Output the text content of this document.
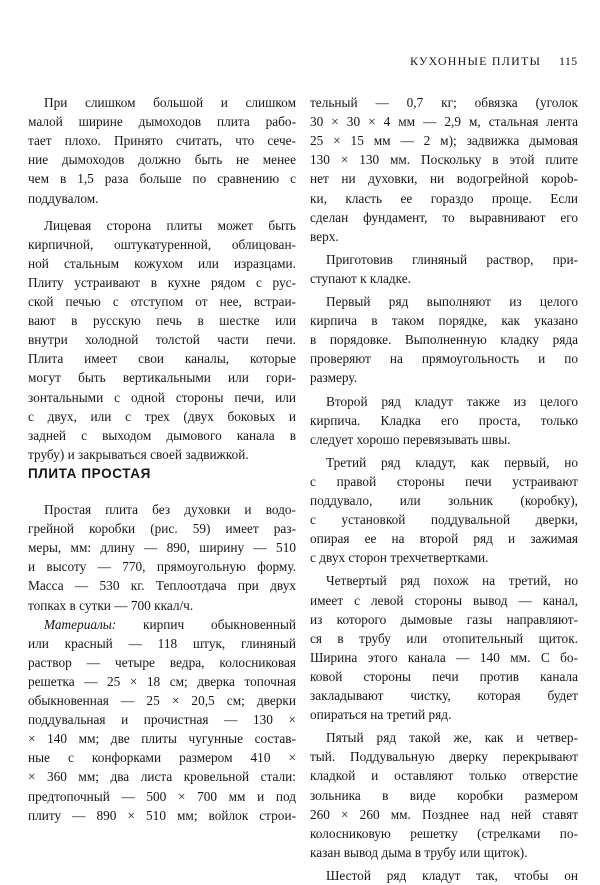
КУХОННЫЕ ПЛИТЫ 115
ПЛИТА ПРОСТАЯ
При слишком большой и слишком
малой ширине дымоходов плита рабо-
тает плохо. Принято считать, что сече-
ние дымоходов должно быть не менее
чем в 1,5 раза больше по сравнению с
поддувалом.
Лицевая сторона плиты может быть
кирпичной, оштукатуренной, облицован-
ной стальным кожухом или изразцами.
Плиту устраивают в кухне рядом с рус-
ской печью с отступом от нее, встраи-
вают в русскую печь в шестке или
внутри холодной толстой части печи.
Плита имеет свои каналы, которые
могут быть вертикальными или гори-
зонтальными с одной стороны печи, или
с двух, или с трех (двух боковых и
задней с выходом дымового канала в
трубу) и закрываться своей задвижкой.
Простая плита без духовки и водо-
грейной коробки (рис. 59) имеет раз-
меры, мм: длину — 890, ширину — 510
и высоту — 770, прямоугольную форму.
Масса — 530 кг. Теплоотдача при двух
топках в сутки — 700 ккал/ч.
Материалы: кирпич обыкновенный
или красный — 118 штук, глиняный
раствор — четыре ведра, колосниковая
решетка — 25 × 18 см; дверка топочная
обыкновенная — 25 × 20,5 см; дверки
поддувальная и прочистная — 130 ×
× 140 мм; две плиты чугунные состав-
ные с конфорками размером 410 ×
× 360 мм; два листа кровельной стали:
предтопочный — 500 × 700 мм и под
плиту — 890 × 510 мм; войлок строи-
тельный — 0,7 кг; обвязка (уголок
30 × 30 × 4 мм — 2,9 м, стальная лента
25 × 15 мм — 2 м); задвижка дымовая
130 × 130 мм. Поскольку в этой плите
нет ни духовки, ни водогрейной корob-
ки, класть ее гораздо проще. Если
сделан фундамент, то выравнивают его
верх.
Приготовив глиняный раствор, при-
ступают к кладке.
Первый ряд выполняют из целого
кирпича в таком порядке, как указано
в порядовке. Выполненную кладку ряда
проверяют на прямоугольность и по
размеру.
Второй ряд кладут также из целого
кирпича. Кладка его проста, только
следует хорошо перевязывать швы.
Третий ряд кладут, как первый, но
с правой стороны печи устраивают
поддувало, или зольник (коробку),
с установкой поддувальной дверки,
опирая ее на второй ряд и зажимая
с двух сторон трехчетвертками.
Четвертый ряд похож на третий, но
имеет с левой стороны вывод — канал,
из которого дымовые газы направляют-
ся в трубу или отопительный щиток.
Ширина этого канала — 140 мм. С бо-
ковой стороны печи против канала
закладывают чистку, которая будет
опираться на третий ряд.
Пятый ряд такой же, как и четвер-
тый. Поддувальную дверку перекрывают
кладкой и оставляют только отверстие
зольника в виде коробки размером
260 × 260 мм. Позднее над ней ставят
колосниковую решетку (стрелками по-
казан вывод дыма в трубу или щиток).
Шестой ряд кладут так, чтобы он
